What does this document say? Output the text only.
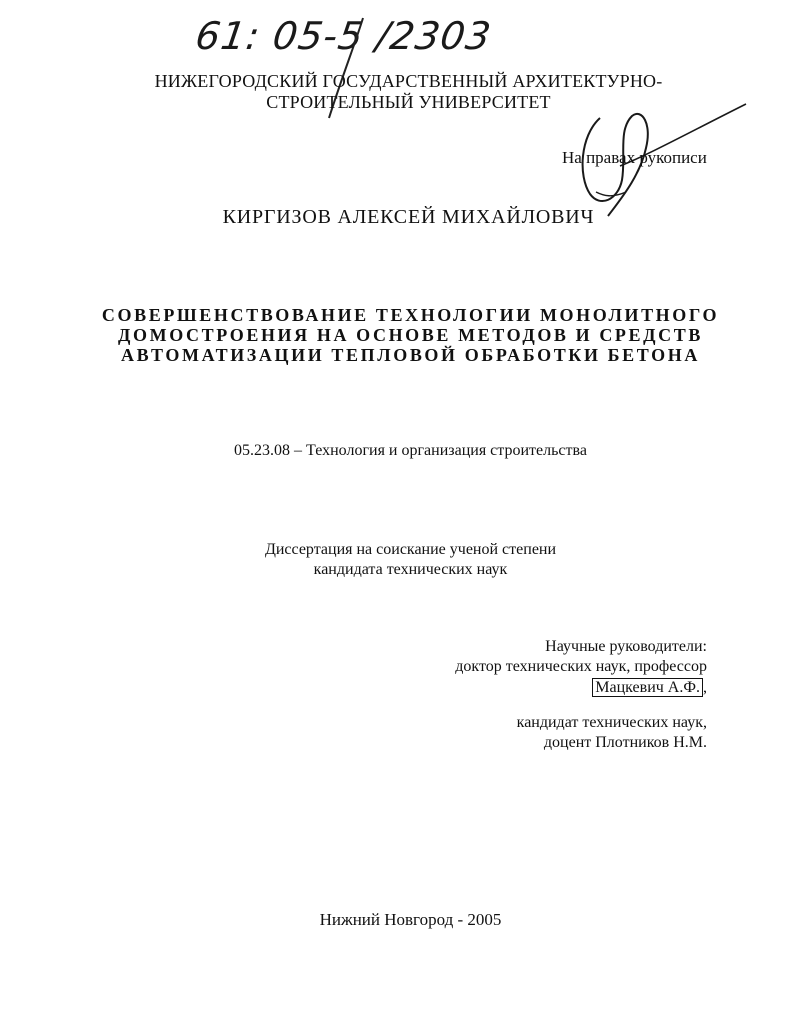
61: 05-5 /2303
НИЖЕГОРОДСКИЙ ГОСУДАРСТВЕННЫЙ АРХИТЕКТУРНО-
СТРОИТЕЛЬНЫЙ УНИВЕРСИТЕТ
На правах рукописи
КИРГИЗОВ АЛЕКСЕЙ МИХАЙЛОВИЧ
СОВЕРШЕНСТВОВАНИЕ ТЕХНОЛОГИИ МОНОЛИТНОГО
ДОМОСТРОЕНИЯ НА ОСНОВЕ МЕТОДОВ И СРЕДСТВ
АВТОМАТИЗАЦИИ ТЕПЛОВОЙ ОБРАБОТКИ БЕТОНА
05.23.08 – Технология и организация строительства
Диссертация на соискание ученой степени
кандидата технических наук
Научные руководители:
доктор технических наук, профессор
Мацкевич А.Ф. ,
кандидат технических наук,
доцент Плотников Н.М.
Нижний Новгород - 2005
